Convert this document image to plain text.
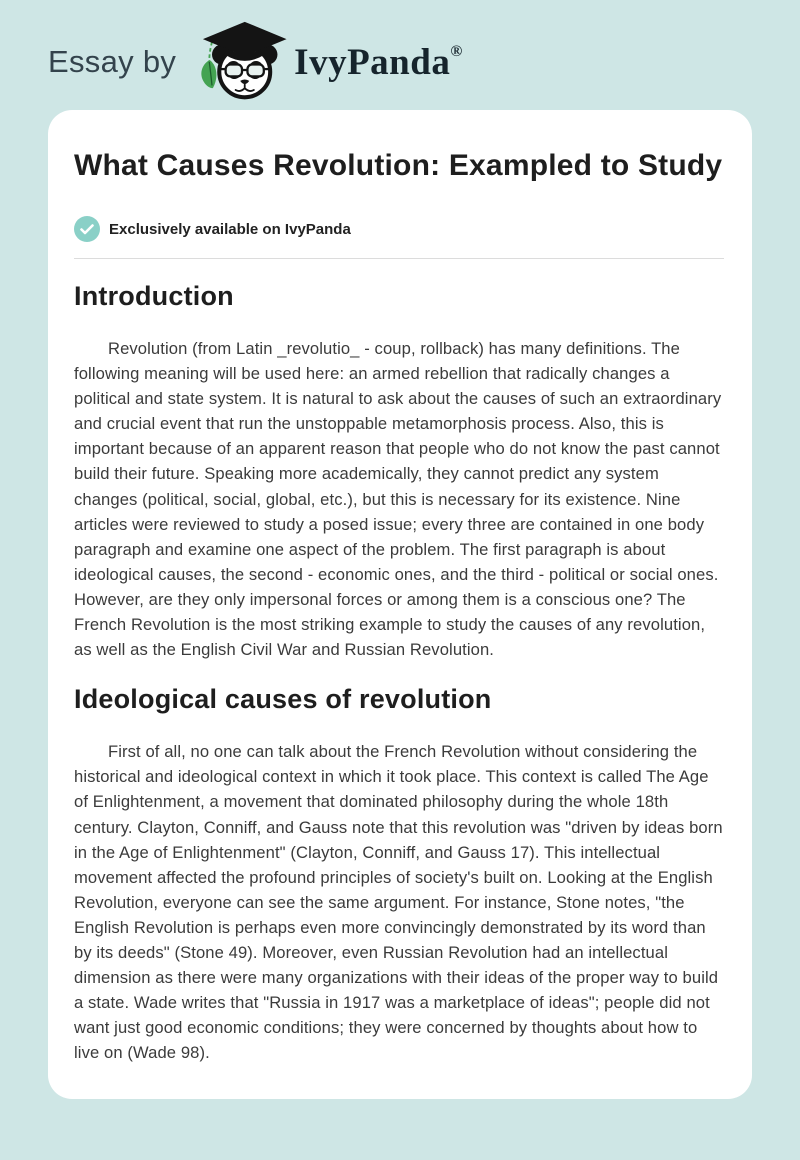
Essay by	IvyPanda®
What Causes Revolution: Exampled to Study
Exclusively available on IvyPanda
Introduction

Revolution (from Latin _revolutio_ - coup, rollback) has many definitions. The following meaning will be used here: an armed rebellion that radically changes a political and state system. It is natural to ask about the causes of such an extraordinary and crucial event that run the unstoppable metamorphosis process. Also, this is important because of an apparent reason that people who do not know the past cannot build their future. Speaking more academically, they cannot predict any system changes (political, social, global, etc.), but this is necessary for its existence. Nine articles were reviewed to study a posed issue; every three are contained in one body paragraph and examine one aspect of the problem. The first paragraph is about ideological causes, the second - economic ones, and the third - political or social ones. However, are they only impersonal forces or among them is a conscious one? The French Revolution is the most striking example to study the causes of any revolution, as well as the English Civil War and Russian Revolution.

Ideological causes of revolution

First of all, no one can talk about the French Revolution without considering the historical and ideological context in which it took place. This context is called The Age of Enlightenment, a movement that dominated philosophy during the whole 18th century. Clayton, Conniff, and Gauss note that this revolution was "driven by ideas born in the Age of Enlightenment" (Clayton, Conniff, and Gauss 17). This intellectual movement affected the profound principles of society's built on. Looking at the English Revolution, everyone can see the same argument. For instance, Stone notes, "the English Revolution is perhaps even more convincingly demonstrated by its word than by its deeds" (Stone 49). Moreover, even Russian Revolution had an intellectual dimension as there were many organizations with their ideas of the proper way to build a state. Wade writes that "Russia in 1917 was a marketplace of ideas"; people did not want just good economic conditions; they were concerned by thoughts about how to live on (Wade 98).
